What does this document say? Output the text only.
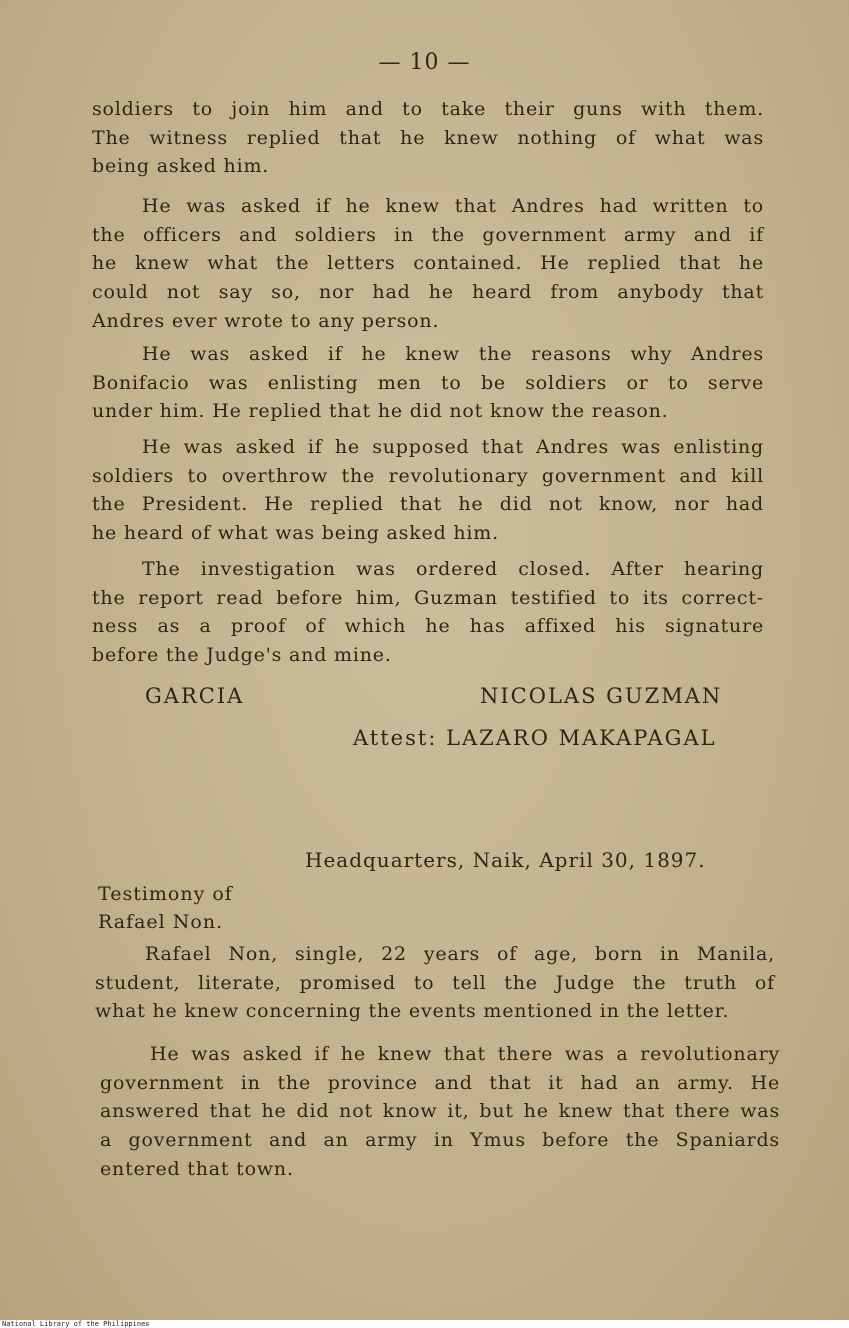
— 10 —
soldiers to join him and to take their guns with them.
The witness replied that he knew nothing of what was
being asked him.
He was asked if he knew that Andres had written to
the officers and soldiers in the government army and if
he knew what the letters contained. He replied that he
could not say so, nor had he heard from anybody that
Andres ever wrote to any person.
He was asked if he knew the reasons why Andres
Bonifacio was enlisting men to be soldiers or to serve
under him. He replied that he did not know the reason.
He was asked if he supposed that Andres was enlisting
soldiers to overthrow the revolutionary government and kill
the President. He replied that he did not know, nor had
he heard of what was being asked him.
The investigation was ordered closed. After hearing
the report read before him, Guzman testified to its correct-
ness as a proof of which he has affixed his signature
before the Judge's and mine.
GARCIA	NICOLAS GUZMAN
Attest: LAZARO MAKAPAGAL
Headquarters, Naik, April 30, 1897.
Testimony of
Rafael Non.
Rafael Non, single, 22 years of age, born in Manila,
student, literate, promised to tell the Judge the truth of
what he knew concerning the events mentioned in the letter.
He was asked if he knew that there was a revolutionary
government in the province and that it had an army. He
answered that he did not know it, but he knew that there was
a government and an army in Ymus before the Spaniards
entered that town.
National Library of the Philippines
